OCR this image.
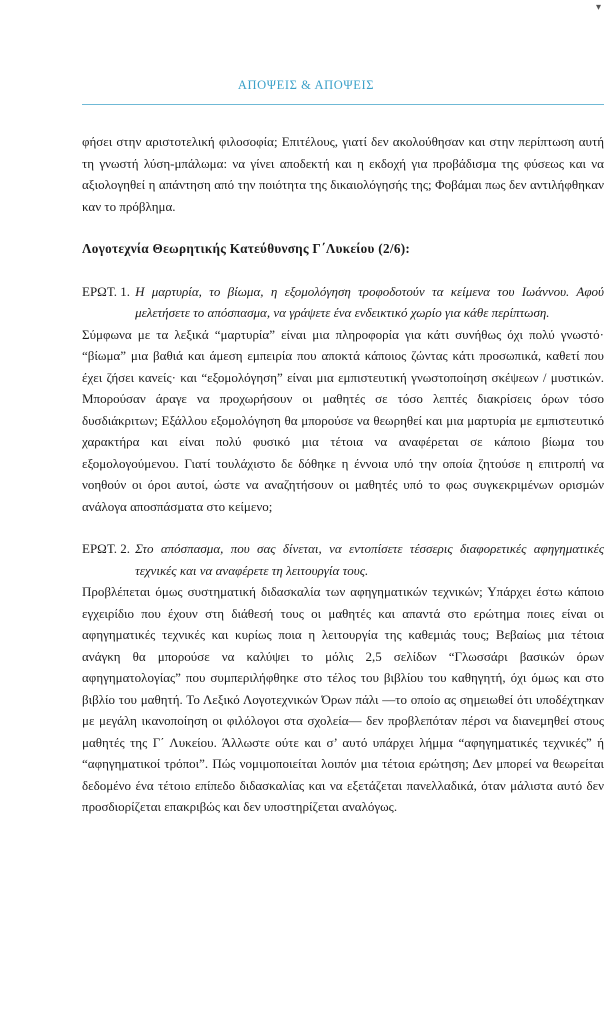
▾
ΑΠΟΨΕΙΣ & ΑΠΟΨΕΙΣ

φήσει στην αριστοτελική φιλοσοφία; Επιτέλους, γιατί δεν ακολούθησαν και στην περίπτωση αυτή τη γνωστή λύση-μπάλωμα: να γίνει αποδεκτή και η εκδοχή για προβάδισμα της φύσεως και να αξιολογηθεί η απάντηση από την ποιότητα της δικαιολόγησής της; Φοβάμαι πως δεν αντιλήφθηκαν καν το πρόβλημα.

Λογοτεχνία Θεωρητικής Κατεύθυνσης Γ΄Λυκείου (2/6):

ΕΡΩΤ. 1. Η μαρτυρία, το βίωμα, η εξομολόγηση τροφοδοτούν τα κείμενα του Ιωάννου. Αφού μελετήσετε το απόσπασμα, να γράψετε ένα ενδεικτικό χωρίο για κάθε περίπτωση.

Σύμφωνα με τα λεξικά “μαρτυρία” είναι μια πληροφορία για κάτι συνήθως όχι πολύ γνωστό· “βίωμα” μια βαθιά και άμεση εμπειρία που αποκτά κάποιος ζώντας κάτι προσωπικά, καθετί που έχει ζήσει κανείς· και “εξομολόγηση” είναι μια εμπιστευτική γνωστοποίηση σκέψεων / μυστικών. Μπορούσαν άραγε να προχωρήσουν οι μαθητές σε τόσο λεπτές διακρίσεις όρων τόσο δυσδιάκριτων; Εξάλλου εξομολόγηση θα μπορούσε να θεωρηθεί και μια μαρτυρία με εμπιστευτικό χαρακτήρα και είναι πολύ φυσικό μια τέτοια να αναφέρεται σε κάποιο βίωμα του εξομολογούμενου. Γιατί τουλάχιστο δε δόθηκε η έννοια υπό την οποία ζητούσε η επιτροπή να νοηθούν οι όροι αυτοί, ώστε να αναζητήσουν οι μαθητές υπό το φως συγκεκριμένων ορισμών ανάλογα αποσπάσματα στο κείμενο;

ΕΡΩΤ. 2. Στο απόσπασμα, που σας δίνεται, να εντοπίσετε τέσσερις διαφορετικές αφηγηματικές τεχνικές και να αναφέρετε τη λειτουργία τους.

Προβλέπεται όμως συστηματική διδασκαλία των αφηγηματικών τεχνικών; Υπάρχει έστω κάποιο εγχειρίδιο που έχουν στη διάθεσή τους οι μαθητές και απαντά στο ερώτημα ποιες είναι οι αφηγηματικές τεχνικές και κυρίως ποια η λειτουργία της καθεμιάς τους; Βεβαίως μια τέτοια ανάγκη θα μπορούσε να καλύψει το μόλις 2,5 σελίδων “Γλωσσάρι βασικών όρων αφηγηματολογίας” που συμπεριλήφθηκε στο τέλος του βιβλίου του καθηγητή, όχι όμως και στο βιβλίο του μαθητή. Το Λεξικό Λογοτεχνικών Όρων πάλι —το οποίο ας σημειωθεί ότι υποδέχτηκαν με μεγάλη ικανοποίηση οι φιλόλογοι στα σχολεία— δεν προβλεπόταν πέρσι να διανεμηθεί στους μαθητές της Γ΄ Λυκείου. Άλλωστε ούτε και σ’ αυτό υπάρχει λήμμα “αφηγηματικές τεχνικές” ή “αφηγηματικοί τρόποι”. Πώς νομιμοποιείται λοιπόν μια τέτοια ερώτηση; Δεν μπορεί να θεωρείται δεδομένο ένα τέτοιο επίπεδο διδασκαλίας και να εξετάζεται πανελλαδικά, όταν μάλιστα αυτό δεν προσδιορίζεται επακριβώς και δεν υποστηρίζεται αναλόγως.
